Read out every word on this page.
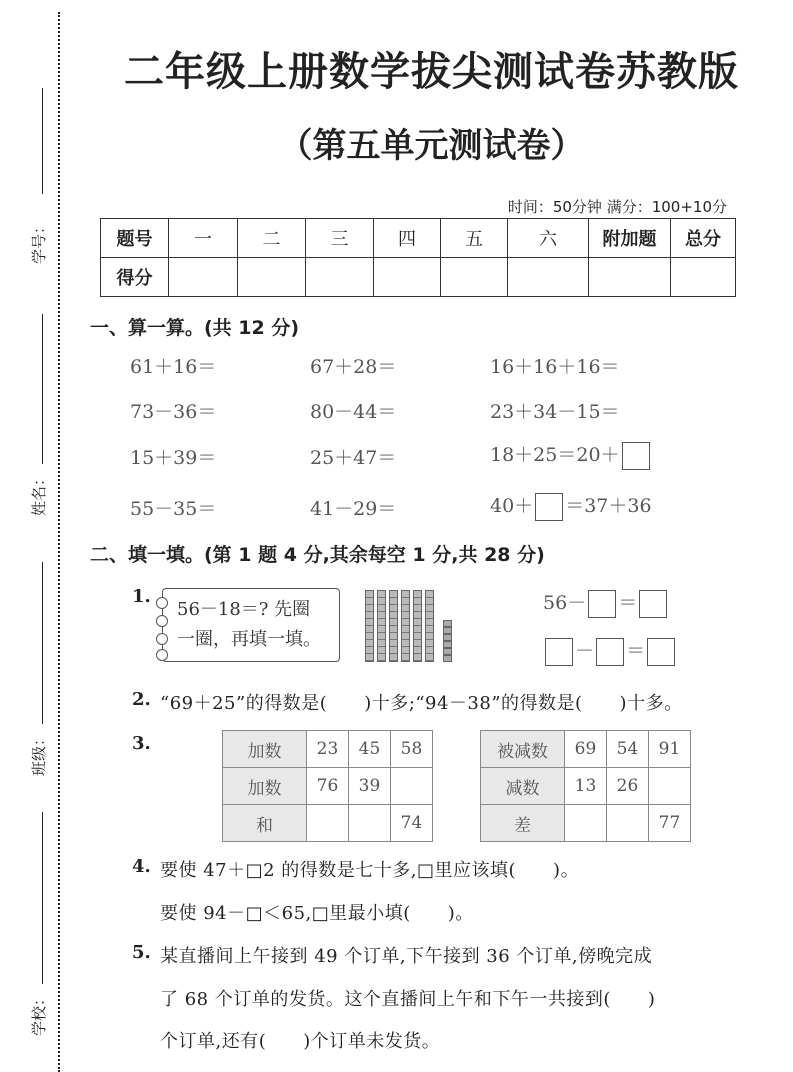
学号：
姓名：
班级：
学校：
二年级上册数学拔尖测试卷苏教版
（第五单元测试卷）
时间：50分钟 满分：100+10分
题号	一	二	三	四	五	六	附加题	总分
得分								
一、算一算。(共 12 分)
61＋16＝	67＋28＝	16＋16＋16＝
73－36＝	80－44＝	23＋34－15＝
15＋39＝	25＋47＝	18＋25＝20＋
55－35＝	41－29＝	40＋ ＝37＋36
二、填一填。(第 1 题 4 分,其余每空 1 分,共 28 分)
1.
56－18＝? 先圈
一圈，再填一填。
56－ ＝
－ ＝
2. “69＋25”的得数是(　　)十多;“94－38”的得数是(　　)十多。
3.	加数	23	45	58
加数	76	39	
和			74
被减数	69	54	91
减数	13	26	
差			77
4. 要使 47＋□2 的得数是七十多,□里应该填(　　)。
要使 94－□＜65,□里最小填(　　)。
5. 某直播间上午接到 49 个订单,下午接到 36 个订单,傍晚完成
了 68 个订单的发货。这个直播间上午和下午一共接到(　　)
个订单,还有(　　)个订单未发货。
